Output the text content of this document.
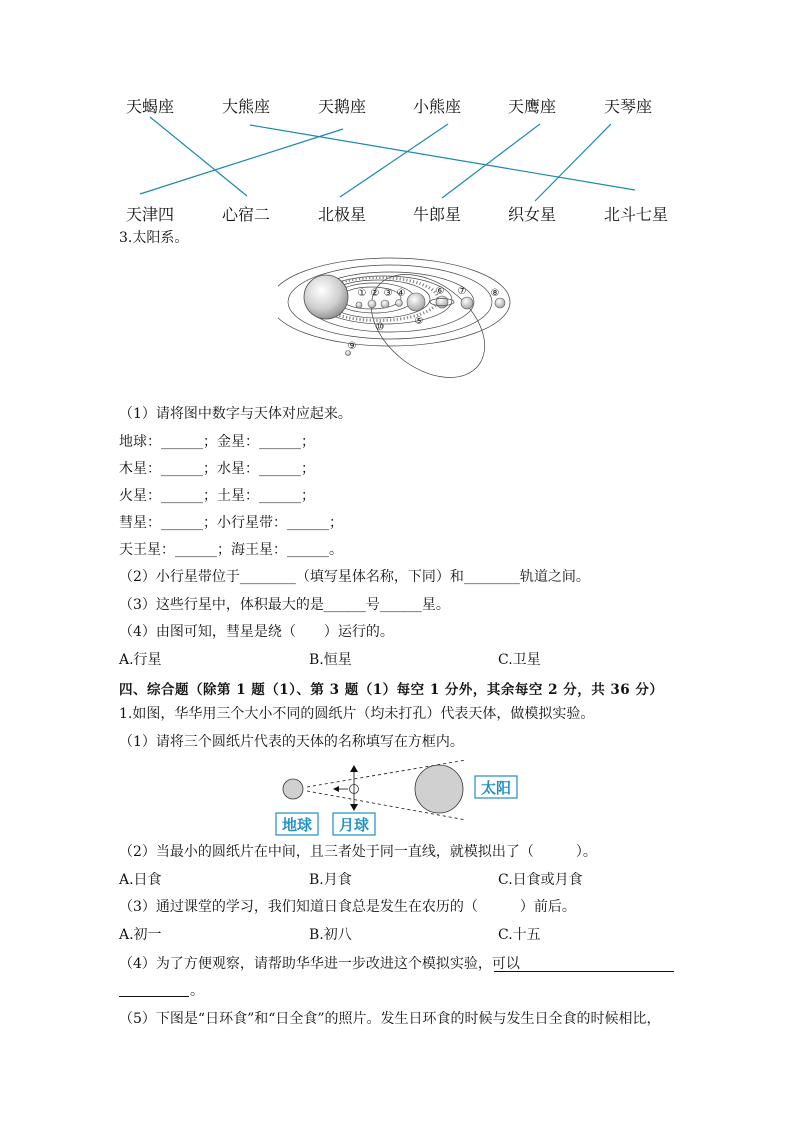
天蝎座	大熊座	天鹅座	小熊座	天鹰座	天琴座
天津四	心宿二	北极星	牛郎星	织女星	北斗七星
3.太阳系。
① ② ③ ④
⑤
⑥ ⑦ ⑧
⑨
⑩
（1）请将图中数字与天体对应起来。
地球：______；金星：______；
木星：______；水星：______；
火星：______；土星：______；
彗星：______；小行星带：______；
天王星：______；海王星：______。
（2）小行星带位于________（填写星体名称，下同）和________轨道之间。
（3）这些行星中，体积最大的是______号______星。
（4）由图可知，彗星是绕（　　）运行的。
A.行星	B.恒星	C.卫星
四、综合题（除第 1 题（1）、第 3 题（1）每空 1 分外，其余每空 2 分，共 36 分）
1.如图，华华用三个大小不同的圆纸片（均未打孔）代表天体，做模拟实验。
（1）请将三个圆纸片代表的天体的名称填写在方框内。
太阳
地球 月球
（2）当最小的圆纸片在中间，且三者处于同一直线，就模拟出了（　　　）。
A.日食	B.月食	C.日食或月食
（3）通过课堂的学习，我们知道日食总是发生在农历的（　　　）前后。
A.初一	B.初八	C.十五
（4）为了方便观察，请帮助华华进一步改进这个模拟实验，可以
。
（5）下图是“日环食”和“日全食”的照片。发生日环食的时候与发生日全食的时候相比，
